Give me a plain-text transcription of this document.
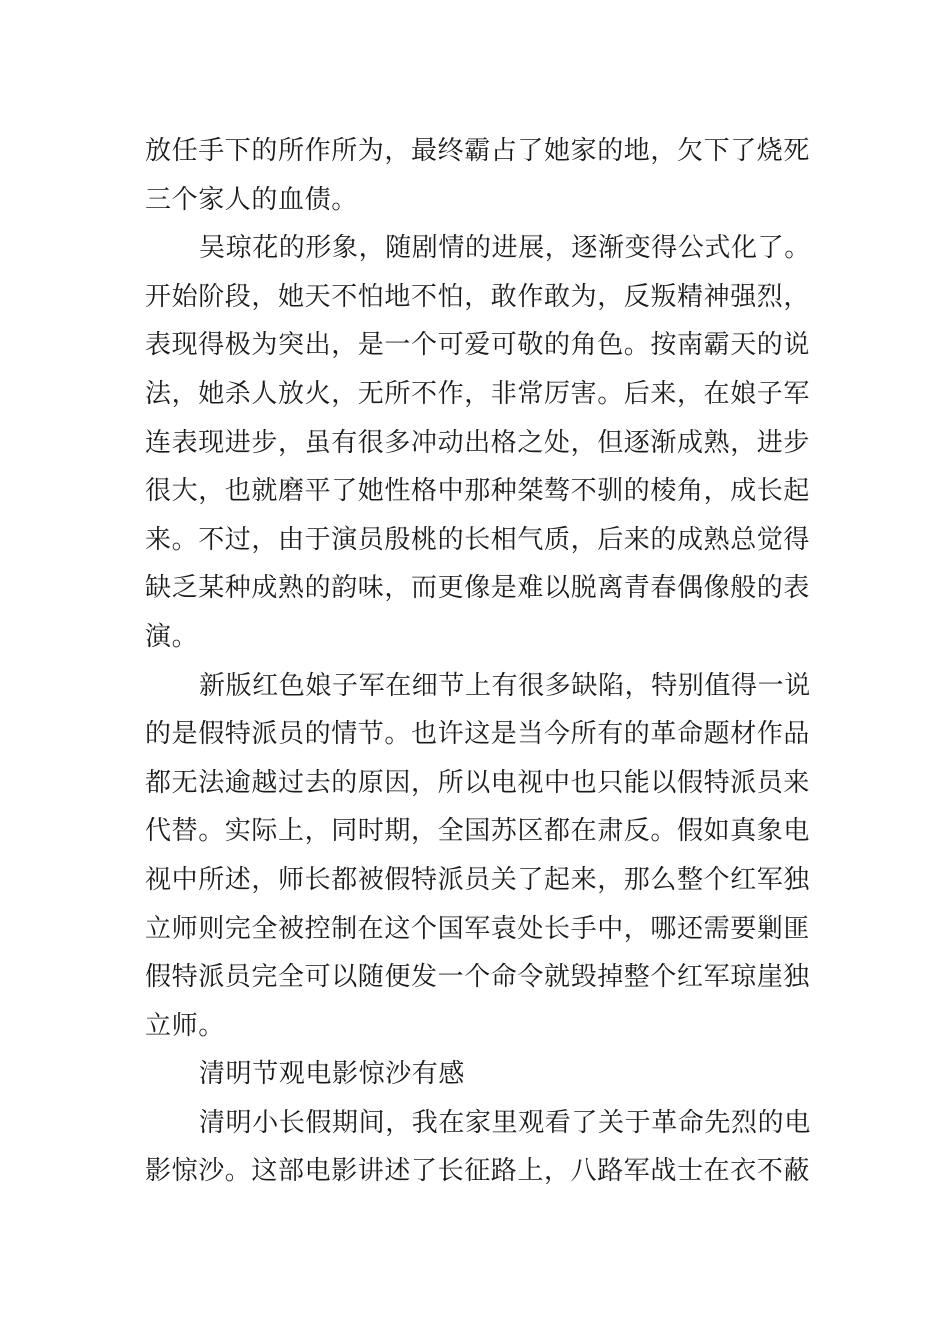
放任手下的所作所为，最终霸占了她家的地，欠下了烧死
三个家人的血债。
吴琼花的形象，随剧情的进展，逐渐变得公式化了。
开始阶段，她天不怕地不怕，敢作敢为，反叛精神强烈，
表现得极为突出，是一个可爱可敬的角色。按南霸天的说
法，她杀人放火，无所不作，非常厉害。后来，在娘子军
连表现进步，虽有很多冲动出格之处，但逐渐成熟，进步
很大，也就磨平了她性格中那种桀骜不驯的棱角，成长起
来。不过，由于演员殷桃的长相气质，后来的成熟总觉得
缺乏某种成熟的韵味，而更像是难以脱离青春偶像般的表
演。
新版红色娘子军在细节上有很多缺陷，特别值得一说
的是假特派员的情节。也许这是当今所有的革命题材作品
都无法逾越过去的原因，所以电视中也只能以假特派员来
代替。实际上，同时期，全国苏区都在肃反。假如真象电
视中所述，师长都被假特派员关了起来，那么整个红军独
立师则完全被控制在这个国军袁处长手中，哪还需要剿匪
假特派员完全可以随便发一个命令就毁掉整个红军琼崖独
立师。
清明节观电影惊沙有感
清明小长假期间，我在家里观看了关于革命先烈的电
影惊沙。这部电影讲述了长征路上，八路军战士在衣不蔽
